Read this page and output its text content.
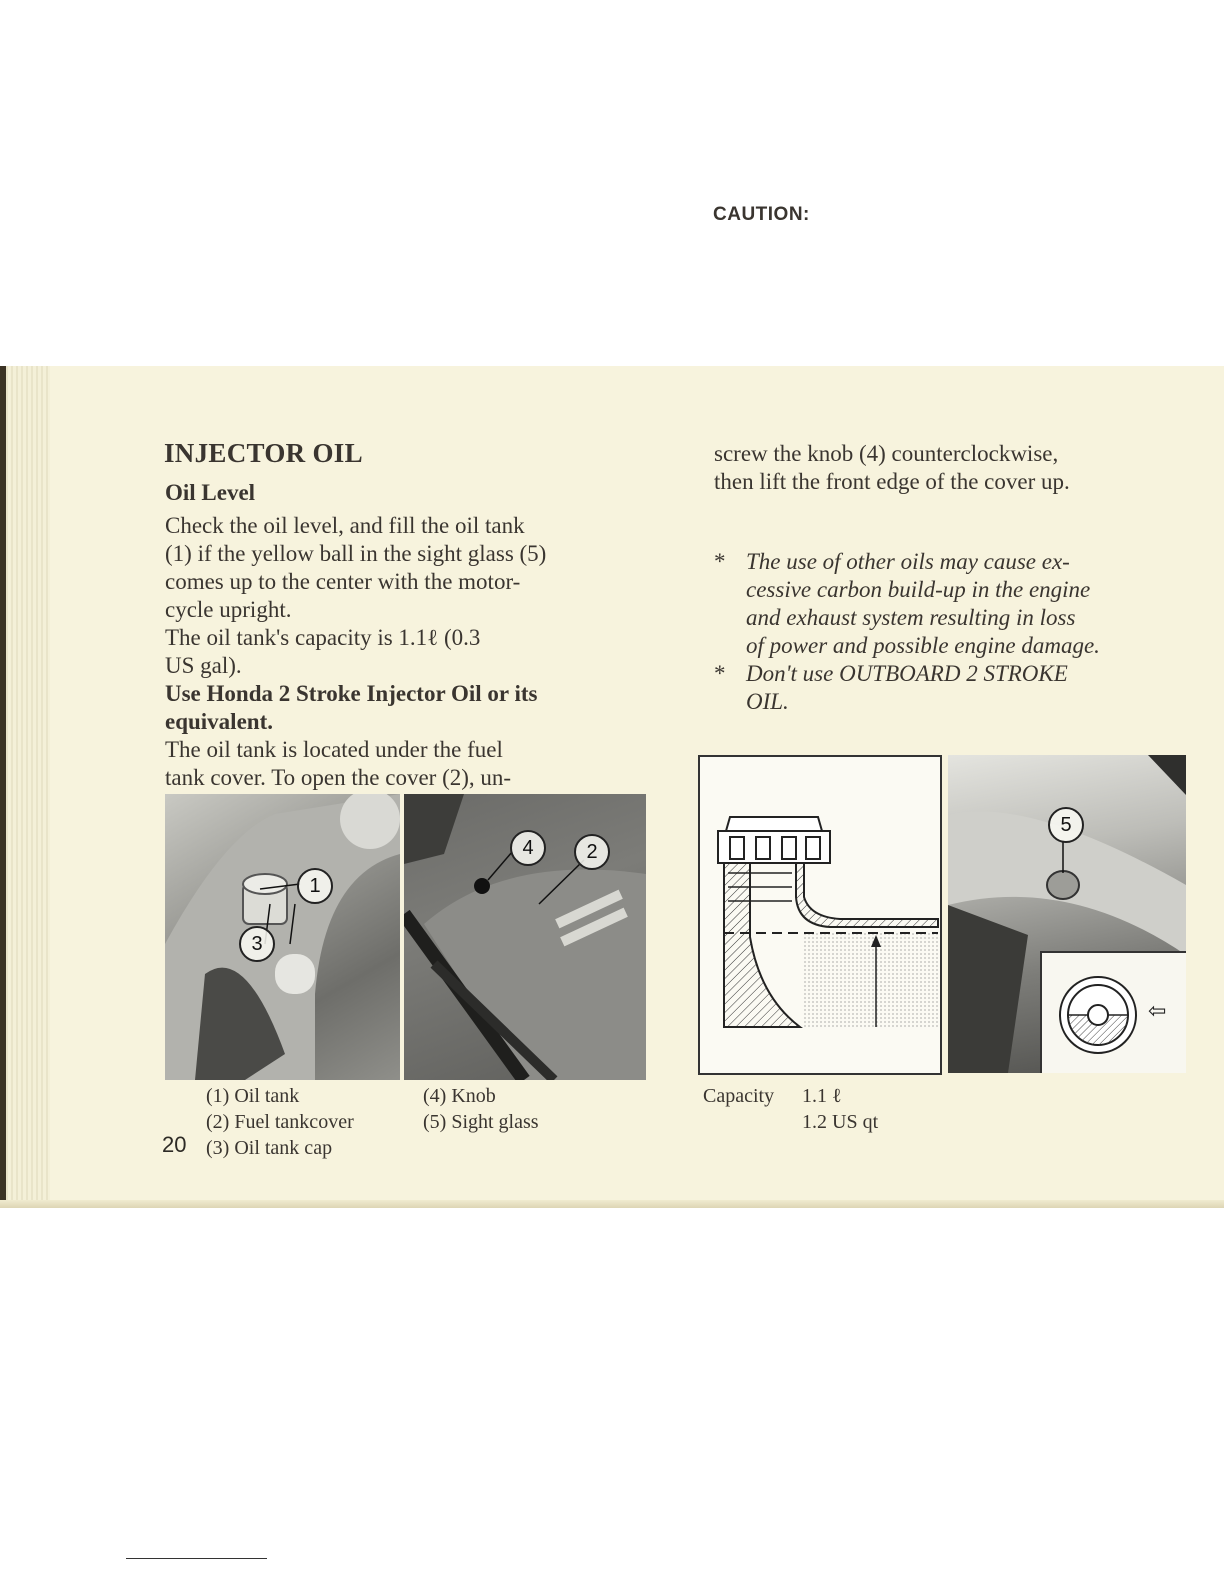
INJECTOR OIL
Oil Level
Check the oil level, and fill the oil tank
(1) if the yellow ball in the sight glass (5)
comes up to the center with the motor-
cycle upright.
The oil tank's capacity is 1.1ℓ (0.3
US gal).
Use Honda 2 Stroke Injector Oil or its
equivalent.
The oil tank is located under the fuel
tank cover. To open the cover (2), un-
screw the knob (4) counterclockwise,
then lift the front edge of the cover up.
CAUTION:
* The use of other oils may cause ex-
cessive carbon build-up in the engine
and exhaust system resulting in loss
of power and possible engine damage.
* Don't use OUTBOARD 2 STROKE
OIL.
1
3
4	2
5
⇦
(1) Oil tank
(2) Fuel tankcover
(3) Oil tank cap
(4) Knob
(5) Sight glass
20
Capacity 1.1 ℓ
1.2 US qt
